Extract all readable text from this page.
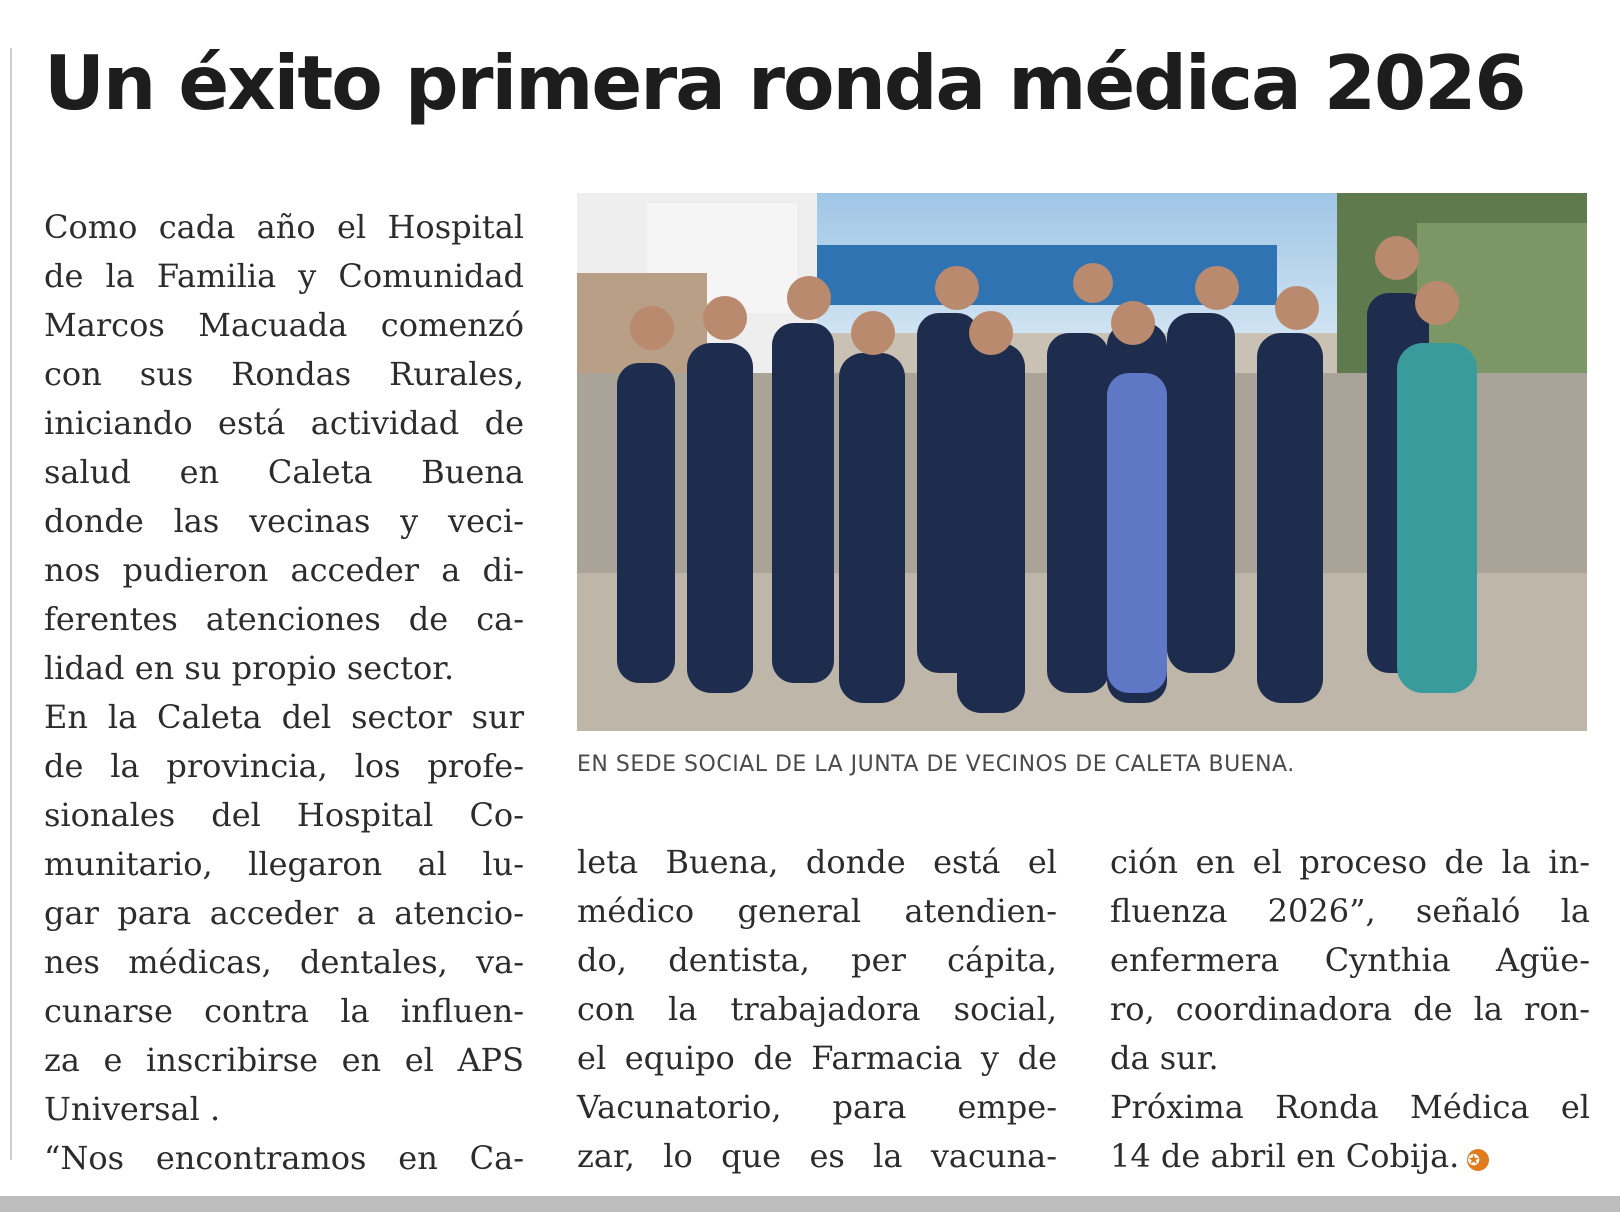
Un éxito primera ronda médica 2026
Como cada año el Hospital
de la Familia y Comunidad
Marcos Macuada comenzó
con sus Rondas Rurales,
iniciando está actividad de
salud en Caleta Buena
donde las vecinas y veci-
nos pudieron acceder a di-
ferentes atenciones de ca-
lidad en su propio sector.
En la Caleta del sector sur
de la provincia, los profe-
sionales del Hospital Co-
munitario, llegaron al lu-
gar para acceder a atencio-
nes médicas, dentales, va-
cunarse contra la influen-
za e inscribirse en el APS
Universal .
“Nos encontramos en Ca-
EN SEDE SOCIAL DE LA JUNTA DE VECINOS DE CALETA BUENA.
leta Buena, donde está el
médico general atendien-
do, dentista, per cápita,
con la trabajadora social,
el equipo de Farmacia y de
Vacunatorio, para empe-
zar, lo que es la vacuna-
ción en el proceso de la in-
fluenza 2026”, señaló la
enfermera Cynthia Agüe-
ro, coordinadora de la ron-
da sur.
Próxima Ronda Médica el
14 de abril en Cobija. ✪
